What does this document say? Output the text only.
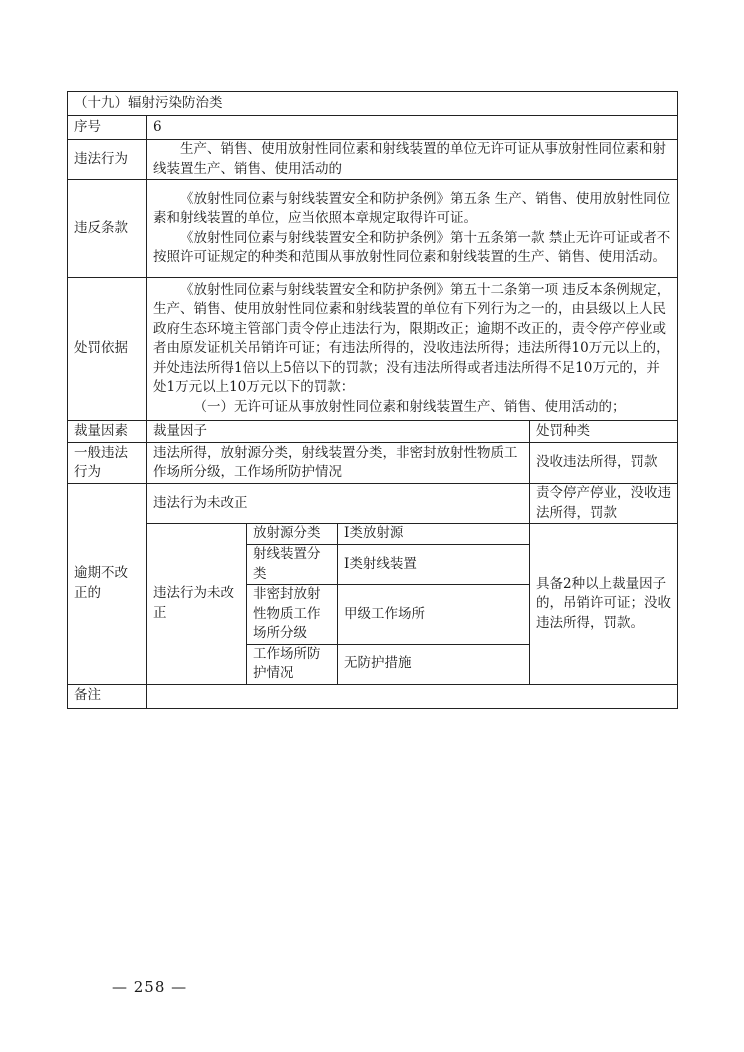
（十九）辐射污染防治类				
序号	6			
违法行为	生产、销售、使用放射性同位素和射线装置的单位无许可证从事放射性同位素和射线装置生产、销售、使用活动的			

违反条款	《放射性同位素与射线装置安全和防护条例》第五条 生产、销售、使用放射性同位素和射线装置的单位，应当依照本章规定取得许可证。

《放射性同位素与射线装置安全和防护条例》第十五条第一款 禁止无许可证或者不按照许可证规定的种类和范围从事放射性同位素和射线装置的生产、销售、使用活动。			

处罚依据	《放射性同位素与射线装置安全和防护条例》第五十二条第一项 违反本条例规定，生产、销售、使用放射性同位素和射线装置的单位有下列行为之一的，由县级以上人民政府生态环境主管部门责令停止违法行为，限期改正；逾期不改正的，责令停产停业或者由原发证机关吊销许可证；有违法所得的，没收违法所得；违法所得10万元以上的，并处违法所得1倍以上5倍以下的罚款；没有违法所得或者违法所得不足10万元的，并处1万元以上10万元以下的罚款：

（一）无许可证从事放射性同位素和射线装置生产、销售、使用活动的；			

裁量因素	裁量因子			处罚种类
一般违法行为	违法所得，放射源分类，射线装置分类，非密封放射性物质工作场所分级，工作场所防护情况			没收违法所得，罚款
逾期不改正的	违法行为未改正			责令停产停业，没收违法所得，罚款
	违法行为未改正	放射源分类	I类放射源	具备2种以上裁量因子的，吊销许可证；没收违法所得，罚款。
		射线装置分类	I类射线装置	
		非密封放射性物质工作场所分级	甲级工作场所	
		工作场所防护情况	无防护措施	
备注				
— 258 —
